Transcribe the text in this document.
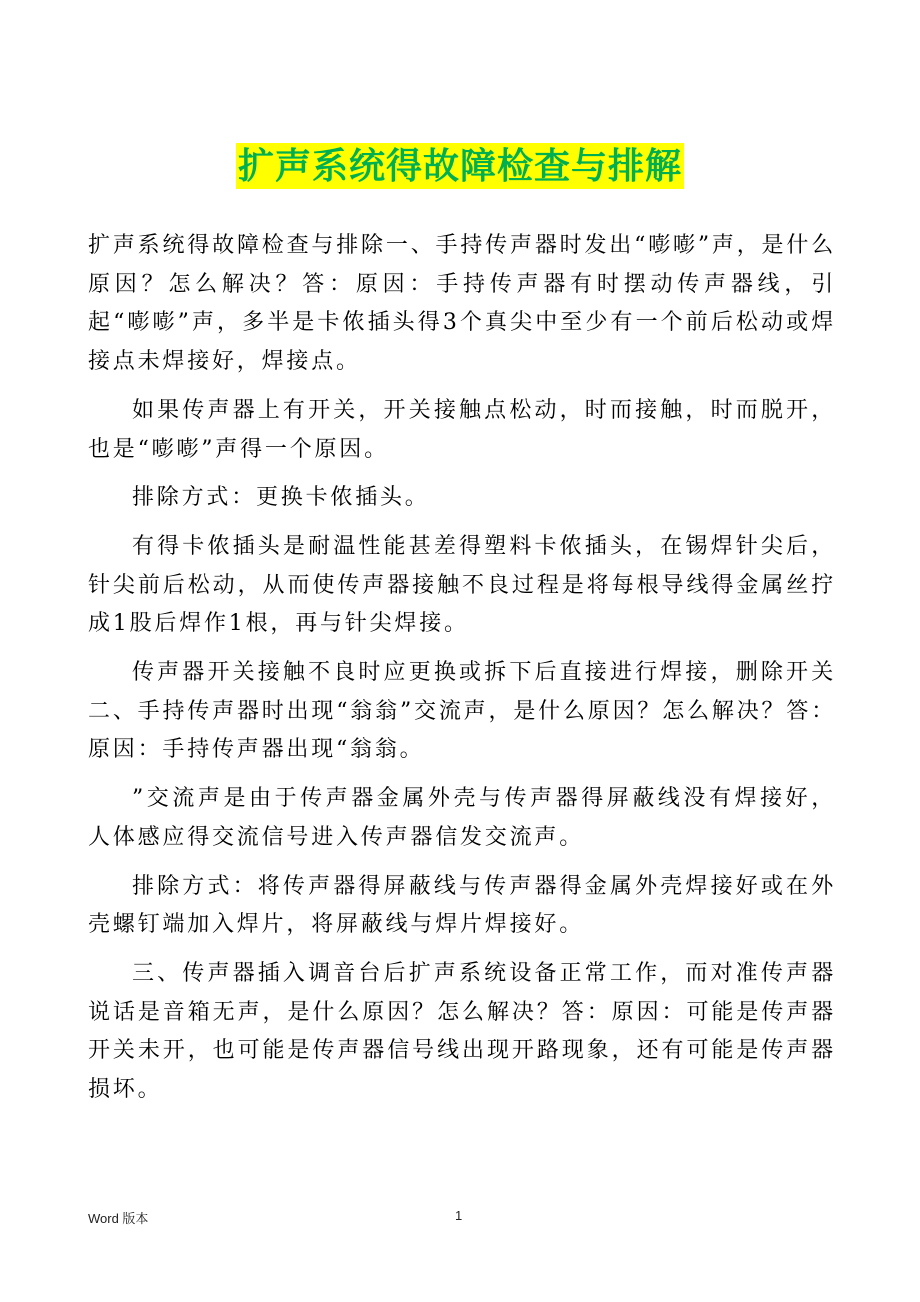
扩声系统得故障检查与排解

扩声系统得故障检查与排除一、手持传声器时发出“嘭嘭”声，是什么原因？怎么解决？答：原因：手持传声器有时摆动传声器线，引起“嘭嘭”声，多半是卡侬插头得3个真尖中至少有一个前后松动或焊接点未焊接好，焊接点。

如果传声器上有开关，开关接触点松动，时而接触，时而脱开，也是“嘭嘭”声得一个原因。

排除方式：更换卡侬插头。

有得卡侬插头是耐温性能甚差得塑料卡侬插头，在锡焊针尖后，针尖前后松动，从而使传声器接触不良过程是将每根导线得金属丝拧成1股后焊作1根，再与针尖焊接。

传声器开关接触不良时应更换或拆下后直接进行焊接，删除开关二、手持传声器时出现“翁翁”交流声，是什么原因？怎么解决？答：原因：手持传声器出现“翁翁。

”交流声是由于传声器金属外壳与传声器得屏蔽线没有焊接好，人体感应得交流信号进入传声器信发交流声。

排除方式：将传声器得屏蔽线与传声器得金属外壳焊接好或在外壳螺钉端加入焊片，将屏蔽线与焊片焊接好。

三、传声器插入调音台后扩声系统设备正常工作，而对准传声器说话是音箱无声，是什么原因？怎么解决？答：原因：可能是传声器开关未开，也可能是传声器信号线出现开路现象，还有可能是传声器损坏。

Word 版本	1
